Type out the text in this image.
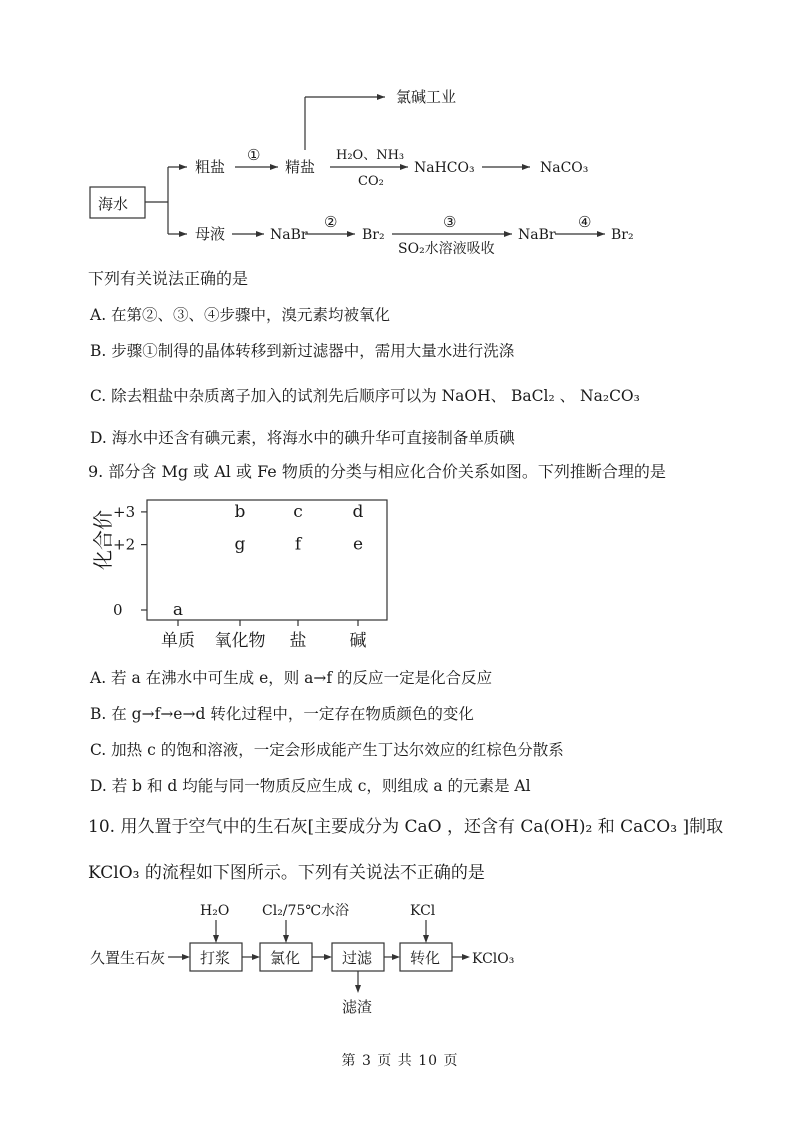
海水
粗盐
①
精盐
氯碱工业
H₂O、NH₃
CO₂
NaHCO₃	NaCO₃
母液	NaBr
②
Br₂
③
SO₂水溶液吸收
NaBr
④
Br₂
下列有关说法正确的是
A. 在第②、③、④步骤中，溴元素均被氧化
B. 步骤①制得的晶体转移到新过滤器中，需用大量水进行洗涤
C. 除去粗盐中杂质离子加入的试剂先后顺序可以为 NaOH、 BaCl₂ 、 Na₂CO₃
D. 海水中还含有碘元素，将海水中的碘升华可直接制备单质碘
9. 部分含 Mg 或 Al 或 Fe 物质的分类与相应化合价关系如图。下列推断合理的是
化合价
+3
+2
0
单质 氧化物 盐	碱
a
b	c	d
g	f	e
A. 若 a 在沸水中可生成 e，则 a→f 的反应一定是化合反应
B. 在 g→f→e→d 转化过程中，一定存在物质颜色的变化
C. 加热 c 的饱和溶液，一定会形成能产生丁达尔效应的红棕色分散系
D. 若 b 和 d 均能与同一物质反应生成 c，则组成 a 的元素是 Al
10. 用久置于空气中的生石灰[主要成分为 CaO ，还含有 Ca(OH)₂ 和 CaCO₃ ]制取
KClO₃ 的流程如下图所示。下列有关说法不正确的是
久置生石灰
H₂O Cl₂/75℃水浴	KCl
打浆	氯化	过滤	转化 KClO₃
滤渣
第 3 页 共 10 页
